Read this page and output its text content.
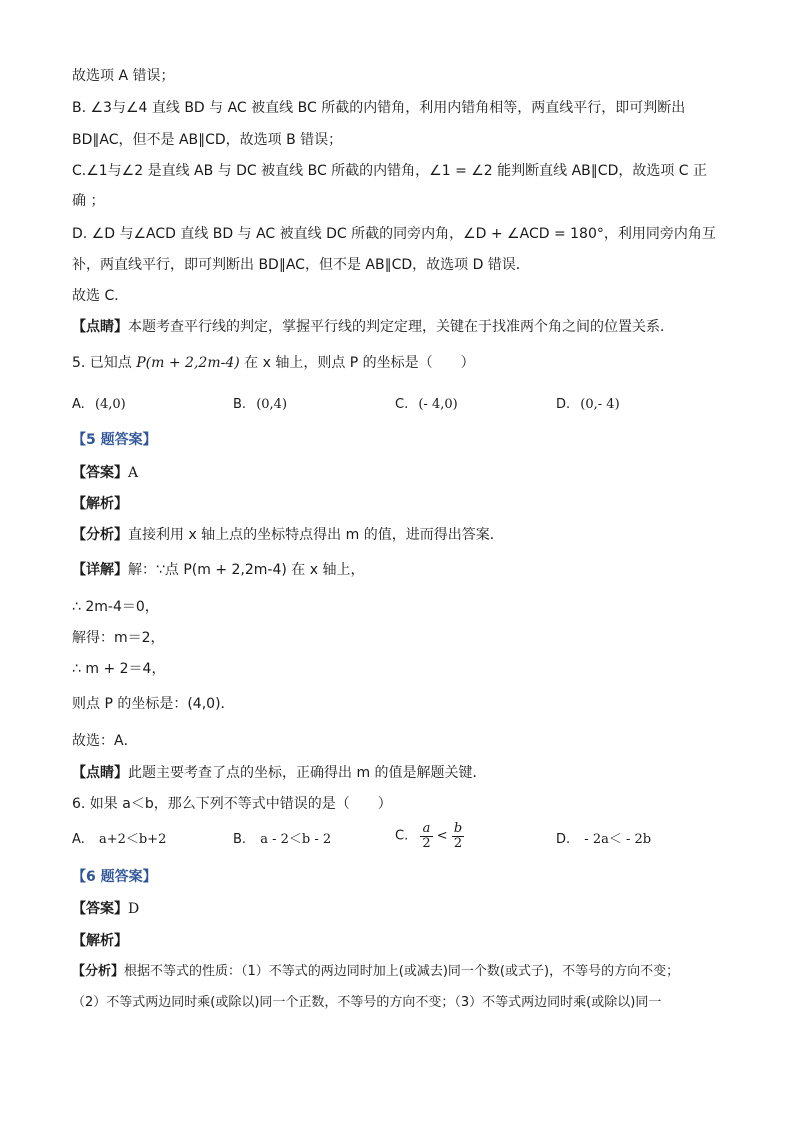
故选项 A 错误；
B. ∠3与∠4 直线 BD 与 AC 被直线 BC 所截的内错角，利用内错角相等，两直线平行，即可判断出
BD∥AC，但不是 AB∥CD，故选项 B 错误；
C.∠1与∠2 是直线 AB 与 DC 被直线 BC 所截的内错角，∠1 = ∠2 能判断直线 AB∥CD，故选项 C 正
确 ；
D. ∠D 与∠ACD 直线 BD 与 AC 被直线 DC 所截的同旁内角，∠D + ∠ACD = 180°，利用同旁内角互
补，两直线平行，即可判断出 BD∥AC，但不是 AB∥CD，故选项 D 错误．
故选 C．
【点睛】本题考查平行线的判定，掌握平行线的判定定理，关键在于找准两个角之间的位置关系．
5. 已知点 P(m + 2,2m-4) 在 x 轴上，则点 P 的坐标是（　　）
A. (4,0)	B. (0,4)	C. (- 4,0)	D. (0,- 4)
【5 题答案】
【答案】A
【解析】
【分析】直接利用 x 轴上点的坐标特点得出 m 的值，进而得出答案．
【详解】解：∵点 P(m + 2,2m-4) 在 x 轴上，
∴ 2m-4＝0，
解得：m＝2，
∴ m + 2＝4，
则点 P 的坐标是：(4,0)．
故选：A．
【点睛】此题主要考查了点的坐标，正确得出 m 的值是解题关键．
6. 如果 a＜b，那么下列不等式中错误的是（　　）
A. a+2＜b+2	B. a - 2＜b - 2	C. $\frac{a}{2} < \frac{b}{2}$	D. - 2a＜ - 2b
【6 题答案】
【答案】D
【解析】
【分析】根据不等式的性质：（1）不等式的两边同时加上(或减去)同一个数(或式子)，不等号的方向不变；
（2）不等式两边同时乘(或除以)同一个正数，不等号的方向不变；（3）不等式两边同时乘(或除以)同一
